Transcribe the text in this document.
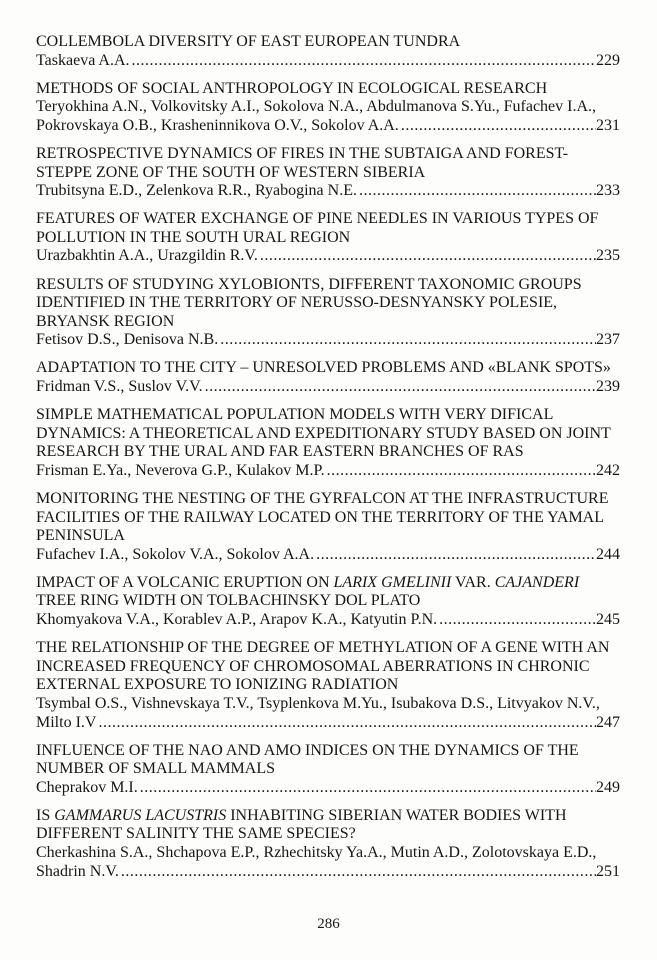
COLLEMBOLA DIVERSITY OF EAST EUROPEAN TUNDRA
Taskaeva A.A. .....	229
METHODS OF SOCIAL ANTHROPOLOGY IN ECOLOGICAL RESEARCH
Teryokhina A.N., Volkovitsky A.I., Sokolova N.A., Abdulmanova S.Yu., Fufachev I.A.,
Pokrovskaya O.B., Krasheninnikova O.V., Sokolov A.A. .....	231
RETROSPECTIVE DYNAMICS OF FIRES IN THE SUBTAIGA AND FOREST-STEPPE ZONE OF THE SOUTH OF WESTERN SIBERIA
Trubitsyna E.D., Zelenkova R.R., Ryabogina N.E. .....	233
FEATURES OF WATER EXCHANGE OF PINE NEEDLES IN VARIOUS TYPES OF POLLUTION IN THE SOUTH URAL REGION
Urazbakhtin A.A., Urazgildin R.V. .....	235
RESULTS OF STUDYING XYLOBIONTS, DIFFERENT TAXONOMIC GROUPS IDENTIFIED IN THE TERRITORY OF NERUSSO-DESNYANSKY POLESIE, BRYANSK REGION
Fetisov D.S., Denisova N.B. .....	237
ADAPTATION TO THE CITY – UNRESOLVED PROBLEMS AND «BLANK SPOTS»
Fridman V.S., Suslov V.V. .....	239
SIMPLE MATHEMATICAL POPULATION MODELS WITH VERY DIFICAL DYNAMICS: A THEORETICAL AND EXPEDITIONARY STUDY BASED ON JOINT RESEARCH BY THE URAL AND FAR EASTERN BRANCHES OF RAS
Frisman E.Ya., Neverova G.P., Kulakov M.P. .....	242
MONITORING THE NESTING OF THE GYRFALCON AT THE INFRASTRUCTURE FACILITIES OF THE RAILWAY LOCATED ON THE TERRITORY OF THE YAMAL PENINSULA
Fufachev I.A., Sokolov V.A., Sokolov A.A. .....	244
IMPACT OF A VOLCANIC ERUPTION ON LARIX GMELINII VAR. CAJANDERI TREE RING WIDTH ON TOLBACHINSKY DOL PLATO
Khomyakova V.A., Korablev A.P., Arapov K.A., Katyutin P.N. .....	245
THE RELATIONSHIP OF THE DEGREE OF METHYLATION OF A GENE WITH AN INCREASED FREQUENCY OF CHROMOSOMAL ABERRATIONS IN CHRONIC EXTERNAL EXPOSURE TO IONIZING RADIATION
Tsymbal O.S., Vishnevskaya T.V., Tsyplenkova M.Yu., Isubakova D.S., Litvyakov N.V.,
Milto I.V .....	247
INFLUENCE OF THE NAO AND AMO INDICES ON THE DYNAMICS OF THE NUMBER OF SMALL MAMMALS
Cheprakov M.I. .....	249
IS GAMMARUS LACUSTRIS INHABITING SIBERIAN WATER BODIES WITH DIFFERENT SALINITY THE SAME SPECIES?
Cherkashina S.A., Shchapova E.P., Rzhechitsky Ya.A., Mutin A.D., Zolotovskaya E.D.,
Shadrin N.V. .....	251
286
